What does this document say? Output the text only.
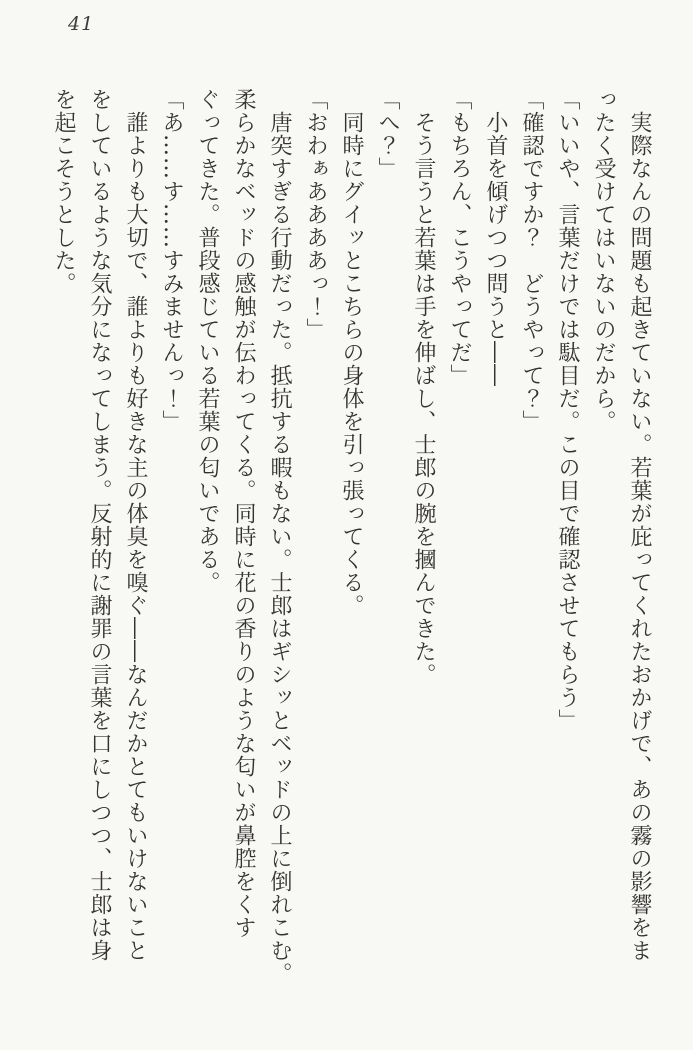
41

実際なんの問題も起きていない。若葉が庇ってくれたおかげで、あの霧の影響をま

ったく受けてはいないのだから。

「いいや、言葉だけでは駄目だ。この目で確認させてもらう」

「確認ですか？　どうやって？」

小首を傾げつつ問うと――

「もちろん、こうやってだ」

そう言うと若葉は手を伸ばし、士郎の腕を摑んできた。

「へ？」

同時にグイッとこちらの身体を引っ張ってくる。

「おわぁああああっ！」

唐突すぎる行動だった。抵抗する暇もない。士郎はギシッとベッドの上に倒れこむ。

柔らかなベッドの感触が伝わってくる。同時に花の香りのような匂いが鼻腔をくす

ぐってきた。普段感じている若葉の匂いである。

「あ……す……すみませんっ！」

誰よりも大切で、誰よりも好きな主の体臭を嗅ぐ――なんだかとてもいけないこと

をしているような気分になってしまう。反射的に謝罪の言葉を口にしつつ、士郎は身

を起こそうとした。
